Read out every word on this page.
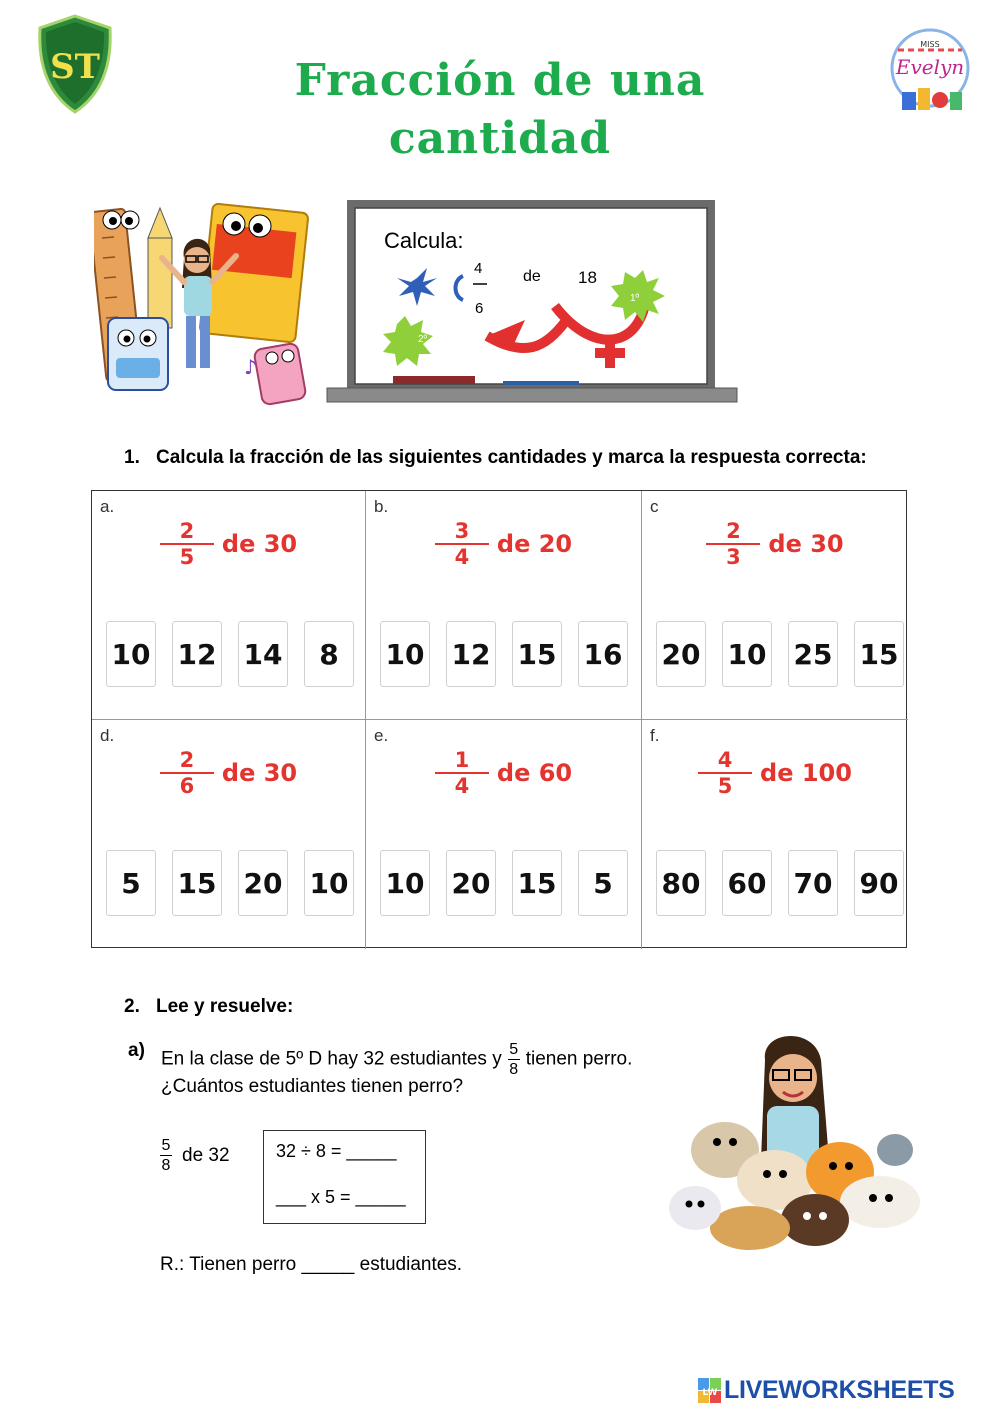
ST
MISS
Evelyn
Fracción de una
cantidad
♪
Calcula:
4
6
de 18
1º
2º
1. Calcula la fracción de las siguientes cantidades y marca la respuesta correcta:
a.
$\frac{2}{5}$ de 30
10 12 14	8
b.
$\frac{3}{4}$ de 20
10 12 15 16
c
$\frac{2}{3}$ de 30
20 10 25 15
d.
$\frac{2}{6}$ de 30
5	15 20 10
e.
$\frac{1}{4}$ de 60
10 20 15	5
f.
$\frac{4}{5}$ de 100
80 60 70 90
2. Lee y resuelve:
a) En la clase de 5º D hay 32 estudiantes y $\frac{5}{8}$ tienen perro.
¿Cuántos estudiantes tienen perro?
5
8 de 32	32 ÷ 8 = _____
___ x 5 = _____
R.: Tienen perro _____ estudiantes.
LW LIVEWORKSHEETS
